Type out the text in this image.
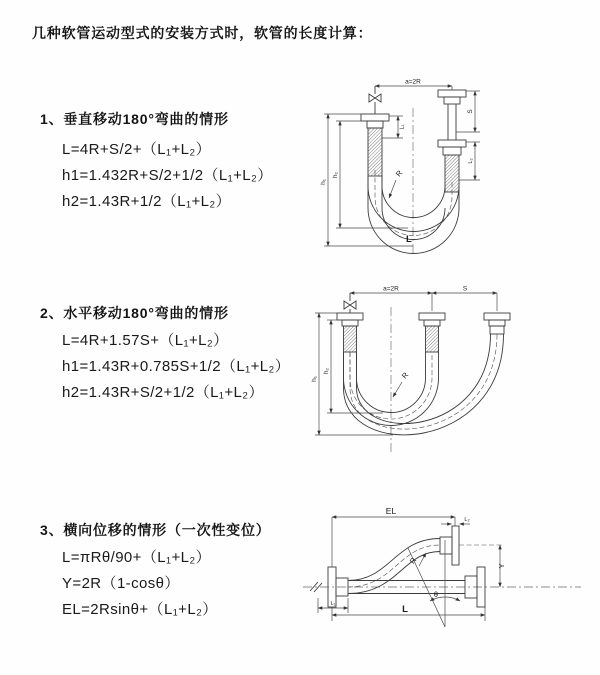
几种软管运动型式的安装方式时，软管的长度计算：
1、垂直移动180°弯曲的情形
L=4R+S/2+（L₁+L₂）
h1=1.432R+S/2+1/2（L₁+L₂）
h2=1.43R+1/2（L₁+L₂）
2、水平移动180°弯曲的情形
L=4R+1.57S+（L₁+L₂）
h1=1.43R+0.785S+1/2（L₁+L₂）
h2=1.43R+S/2+1/2（L₁+L₂）
3、横向位移的情形（一次性变位）
L=πRθ/90+（L₁+L₂）
Y=2R（1-cosθ）
EL=2Rsinθ+（L₁+L₂）
a=2R
h₁
h₂
L₁
S
L₂
R
L
a=2R	S
h₁
h₂	R
EL
L₂
Y
θ
R
L₁	L
